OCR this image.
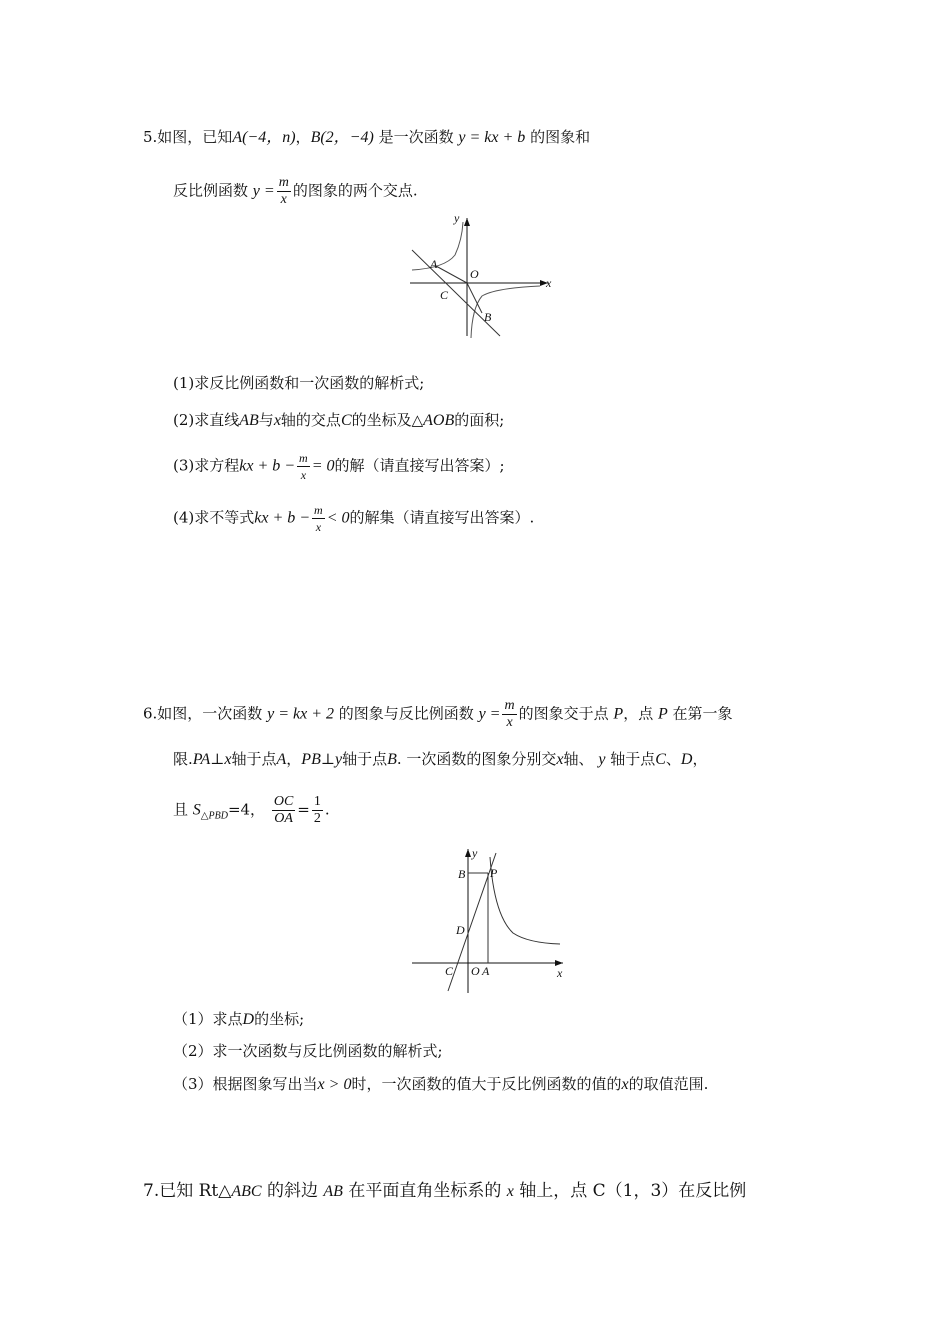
5.如图，已知A(−4，n)，B(2，−4) 是一次函数 y = kx + b 的图象和
反比例函数 $y = \frac{m}{x}$ 的图象的两个交点.
y
x
A
O
C
B
(1)求反比例函数和一次函数的解析式;
(2)求直线AB与x轴的交点C的坐标及△AOB的面积;
(3)求方程kx + $b - \frac{m}{x} = 0$的解（请直接写出答案）;
(4)求不等式kx + $b - \frac{m}{x} < 0$的解集（请直接写出答案）.
6.如图，一次函数 y = kx + 2 的图象与反比例函数 $y = \frac{m}{x}$ 的图象交于点 P，点 P 在第一象
限.PA⊥x轴于点A，PB⊥y轴于点B. 一次函数的图象分别交x轴、 y 轴于点C、D，
且 $S_{\triangle PBD}=4$， $\frac{OC}{OA} = \frac{1}{2}$ .
y
B P
D
C O A	x
（1）求点D的坐标;
（2）求一次函数与反比例函数的解析式;
（3）根据图象写出当x > 0时，一次函数的值大于反比例函数的值的x的取值范围.
7.已知 Rt△ABC 的斜边 AB 在平面直角坐标系的 x 轴上，点 C（1，3）在反比例
